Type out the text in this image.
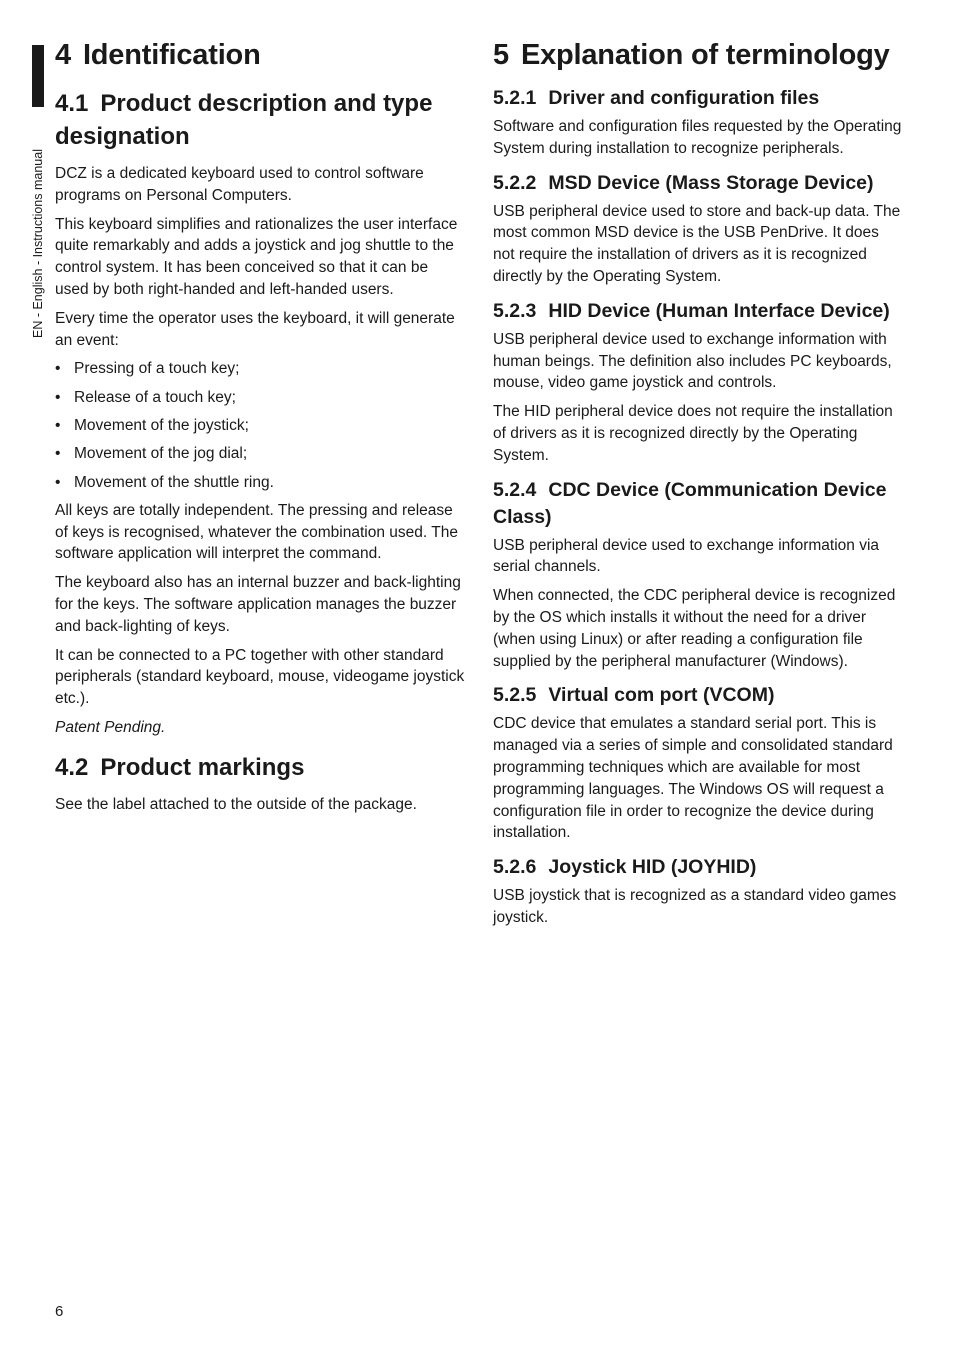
EN - English - Instructions manual
4 Identification
4.1 Product description and type designation

DCZ is a dedicated keyboard used to control software programs on Personal Computers.

This keyboard simplifies and rationalizes the user interface quite remarkably and adds a joystick and jog shuttle to the control system. It has been conceived so that it can be used by both right-handed and left-handed users.

Every time the operator uses the keyboard, it will generate an event:

• Pressing of a touch key;
• Release of a touch key;
• Movement of the joystick;
• Movement of the jog dial;
• Movement of the shuttle ring.

All keys are totally independent. The pressing and release of keys is recognised, whatever the combination used. The software application will interpret the command.

The keyboard also has an internal buzzer and back-lighting for the keys. The software application manages the buzzer and back-lighting of keys.

It can be connected to a PC together with other standard peripherals (standard keyboard, mouse, videogame joystick etc.).

Patent Pending.

4.2 Product markings

See the label attached to the outside of the package.

5 Explanation of terminology
5.2.1 Driver and configuration files

Software and configuration files requested by the Operating System during installation to recognize peripherals.

5.2.2 MSD Device (Mass Storage Device)

USB peripheral device used to store and back-up data. The most common MSD device is the USB PenDrive. It does not require the installation of drivers as it is recognized directly by the Operating System.

5.2.3 HID Device (Human Interface Device)

USB peripheral device used to exchange information with human beings. The definition also includes PC keyboards, mouse, video game joystick and controls.

The HID peripheral device does not require the installation of drivers as it is recognized directly by the Operating System.

5.2.4 CDC Device (Communication Device Class)

USB peripheral device used to exchange information via serial channels.

When connected, the CDC peripheral device is recognized by the OS which installs it without the need for a driver (when using Linux) or after reading a configuration file supplied by the peripheral manufacturer (Windows).

5.2.5 Virtual com port (VCOM)

CDC device that emulates a standard serial port. This is managed via a series of simple and consolidated standard programming techniques which are available for most programming languages. The Windows OS will request a configuration file in order to recognize the device during installation.

5.2.6 Joystick HID (JOYHID)

USB joystick that is recognized as a standard video games joystick.

6
